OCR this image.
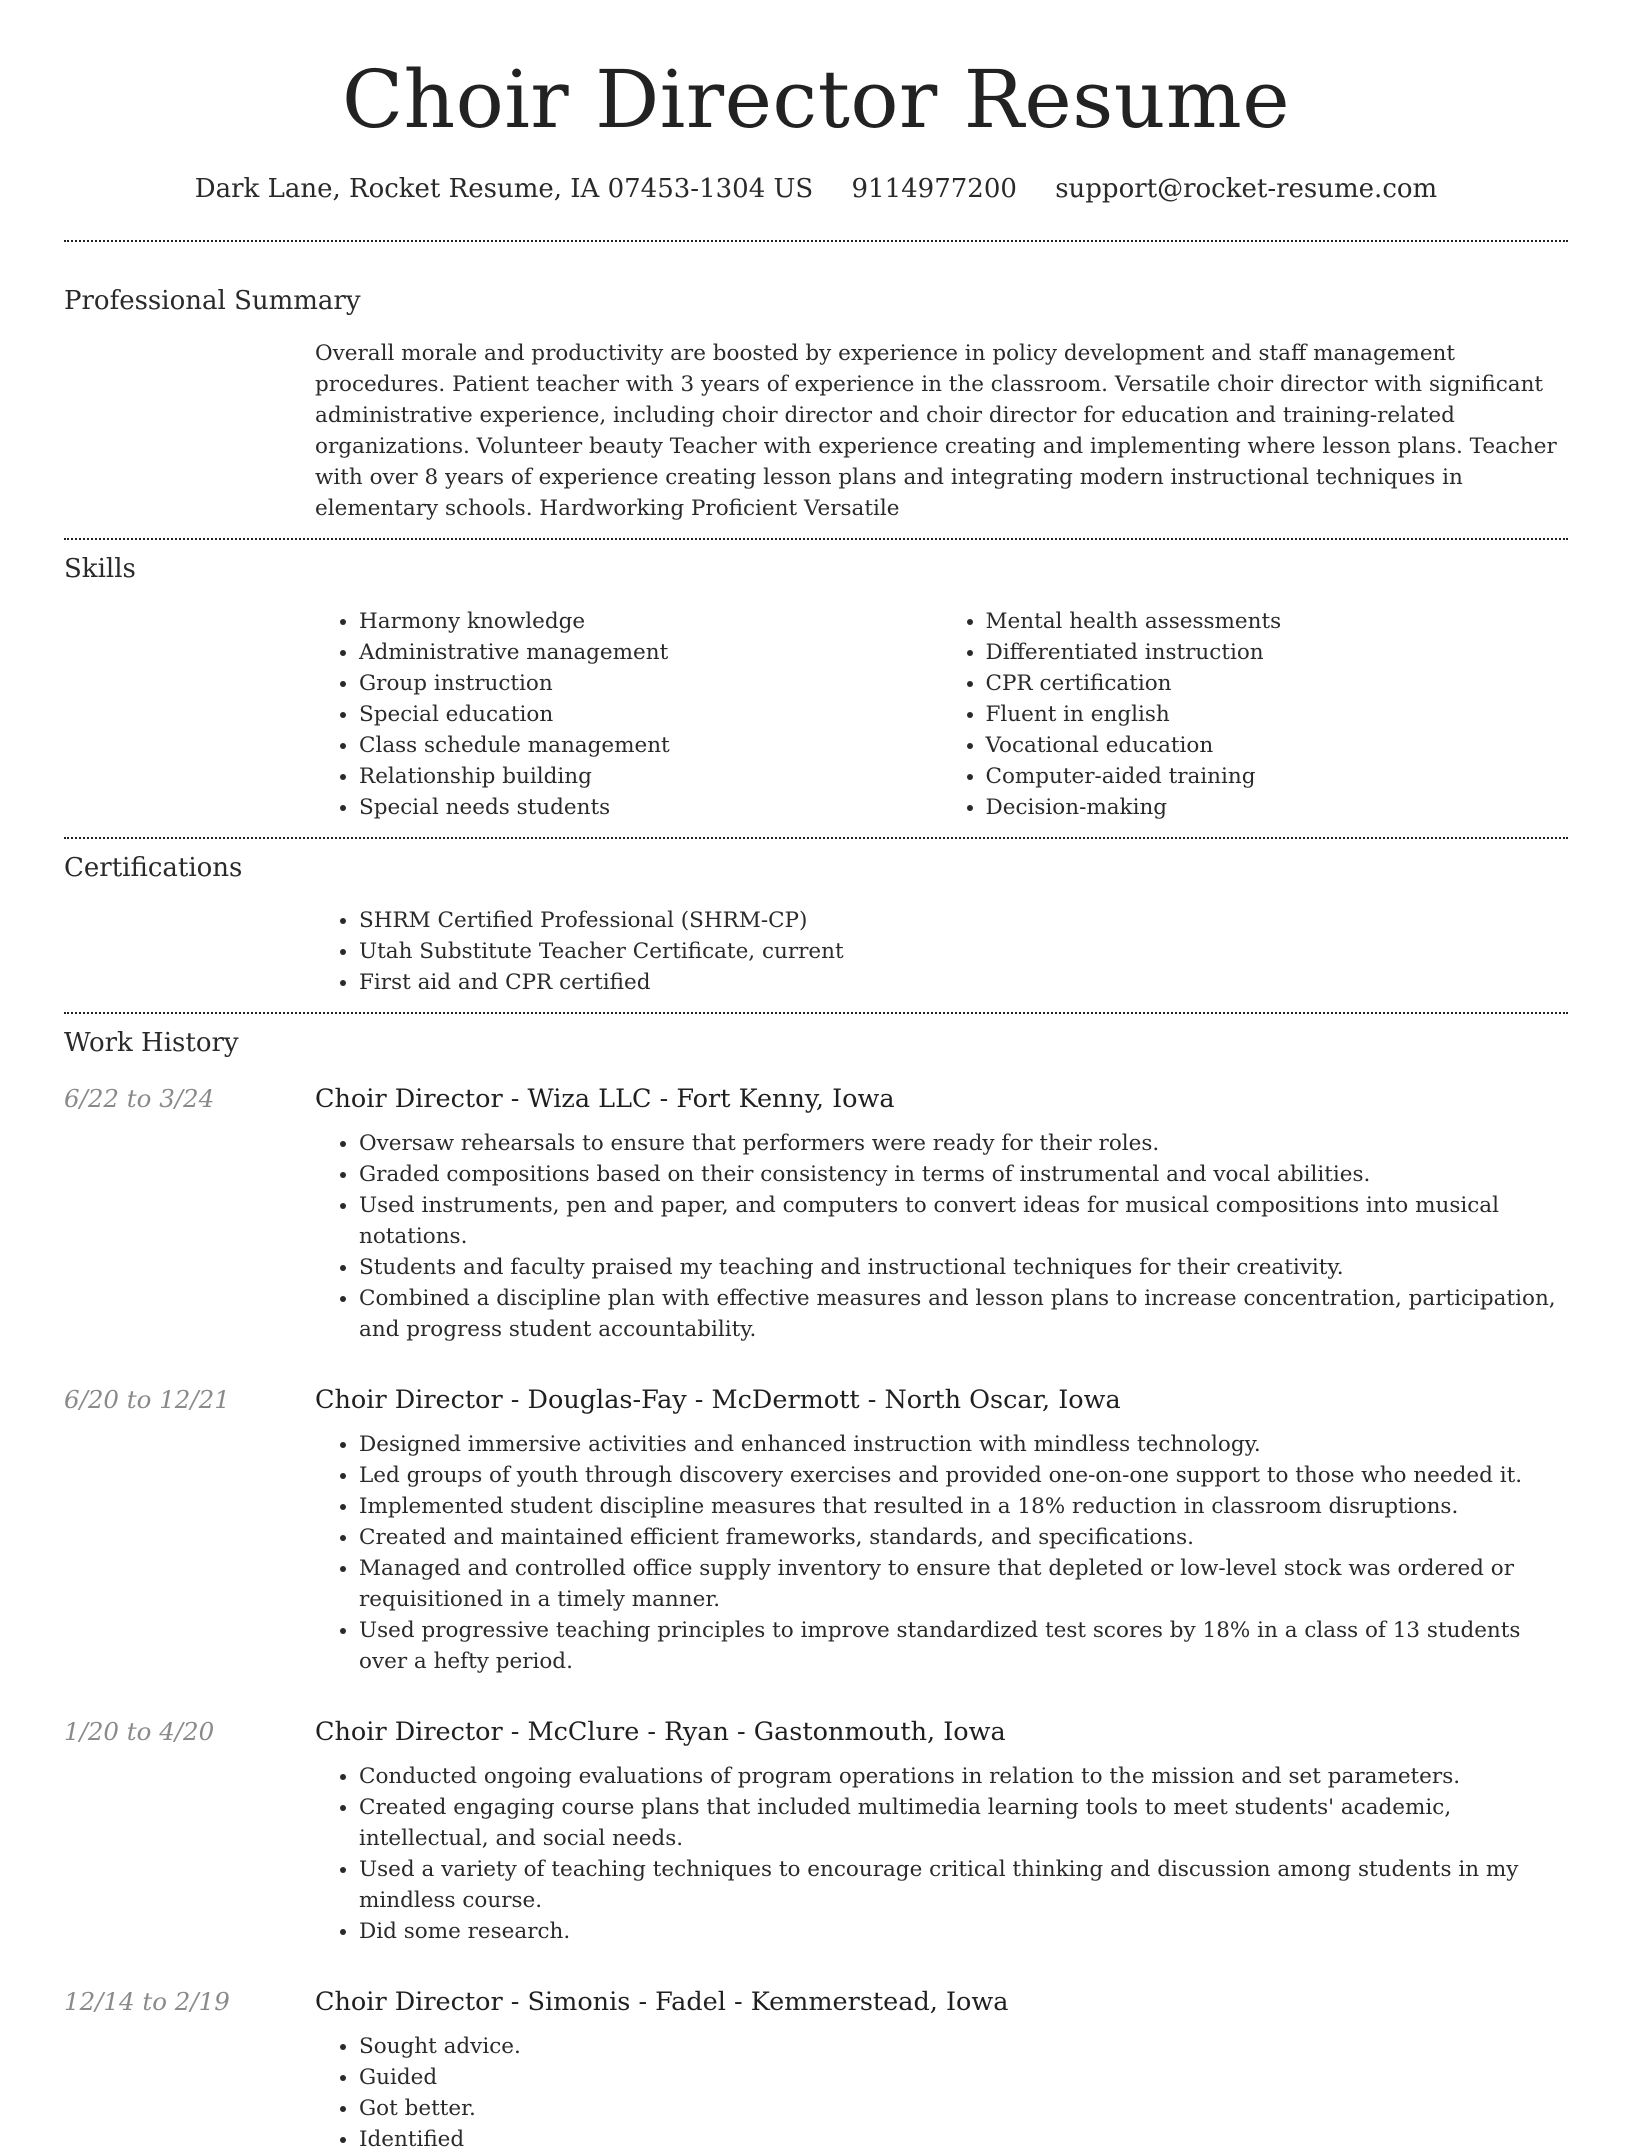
Choir Director Resume
Dark Lane, Rocket Resume, IA 07453-1304 US 9114977200 support@rocket-resume.com
Professional Summary
Overall morale and productivity are boosted by experience in policy development and staff management procedures. Patient teacher with 3 years of experience in the classroom. Versatile choir director with significant administrative experience, including choir director and choir director for education and training-related organizations. Volunteer beauty Teacher with experience creating and implementing where lesson plans. Teacher with over 8 years of experience creating lesson plans and integrating modern instructional techniques in elementary schools. Hardworking Proficient Versatile
Skills
• Harmony knowledge
• Administrative management
• Group instruction
• Special education
• Class schedule management
• Relationship building
• Special needs students
• Mental health assessments
• Differentiated instruction
• CPR certification
• Fluent in english
• Vocational education
• Computer-aided training
• Decision-making
Certifications
• SHRM Certified Professional (SHRM-CP)
• Utah Substitute Teacher Certificate, current
• First aid and CPR certified
Work History
6/22 to 3/24	Choir Director - Wiza LLC - Fort Kenny, Iowa
• Oversaw rehearsals to ensure that performers were ready for their roles.
• Graded compositions based on their consistency in terms of instrumental and vocal abilities.
• Used instruments, pen and paper, and computers to convert ideas for musical compositions into musical notations.
• Students and faculty praised my teaching and instructional techniques for their creativity.
• Combined a discipline plan with effective measures and lesson plans to increase concentration, participation, and progress student accountability.
6/20 to 12/21	Choir Director - Douglas-Fay - McDermott - North Oscar, Iowa
• Designed immersive activities and enhanced instruction with mindless technology.
• Led groups of youth through discovery exercises and provided one-on-one support to those who needed it.
• Implemented student discipline measures that resulted in a 18% reduction in classroom disruptions.
• Created and maintained efficient frameworks, standards, and specifications.
• Managed and controlled office supply inventory to ensure that depleted or low-level stock was ordered or requisitioned in a timely manner.
• Used progressive teaching principles to improve standardized test scores by 18% in a class of 13 students over a hefty period.
1/20 to 4/20	Choir Director - McClure - Ryan - Gastonmouth, Iowa
• Conducted ongoing evaluations of program operations in relation to the mission and set parameters.
• Created engaging course plans that included multimedia learning tools to meet students' academic, intellectual, and social needs.
• Used a variety of teaching techniques to encourage critical thinking and discussion among students in my mindless course.
• Did some research.
12/14 to 2/19	Choir Director - Simonis - Fadel - Kemmerstead, Iowa
• Sought advice.
• Guided
• Got better.
• Identified
